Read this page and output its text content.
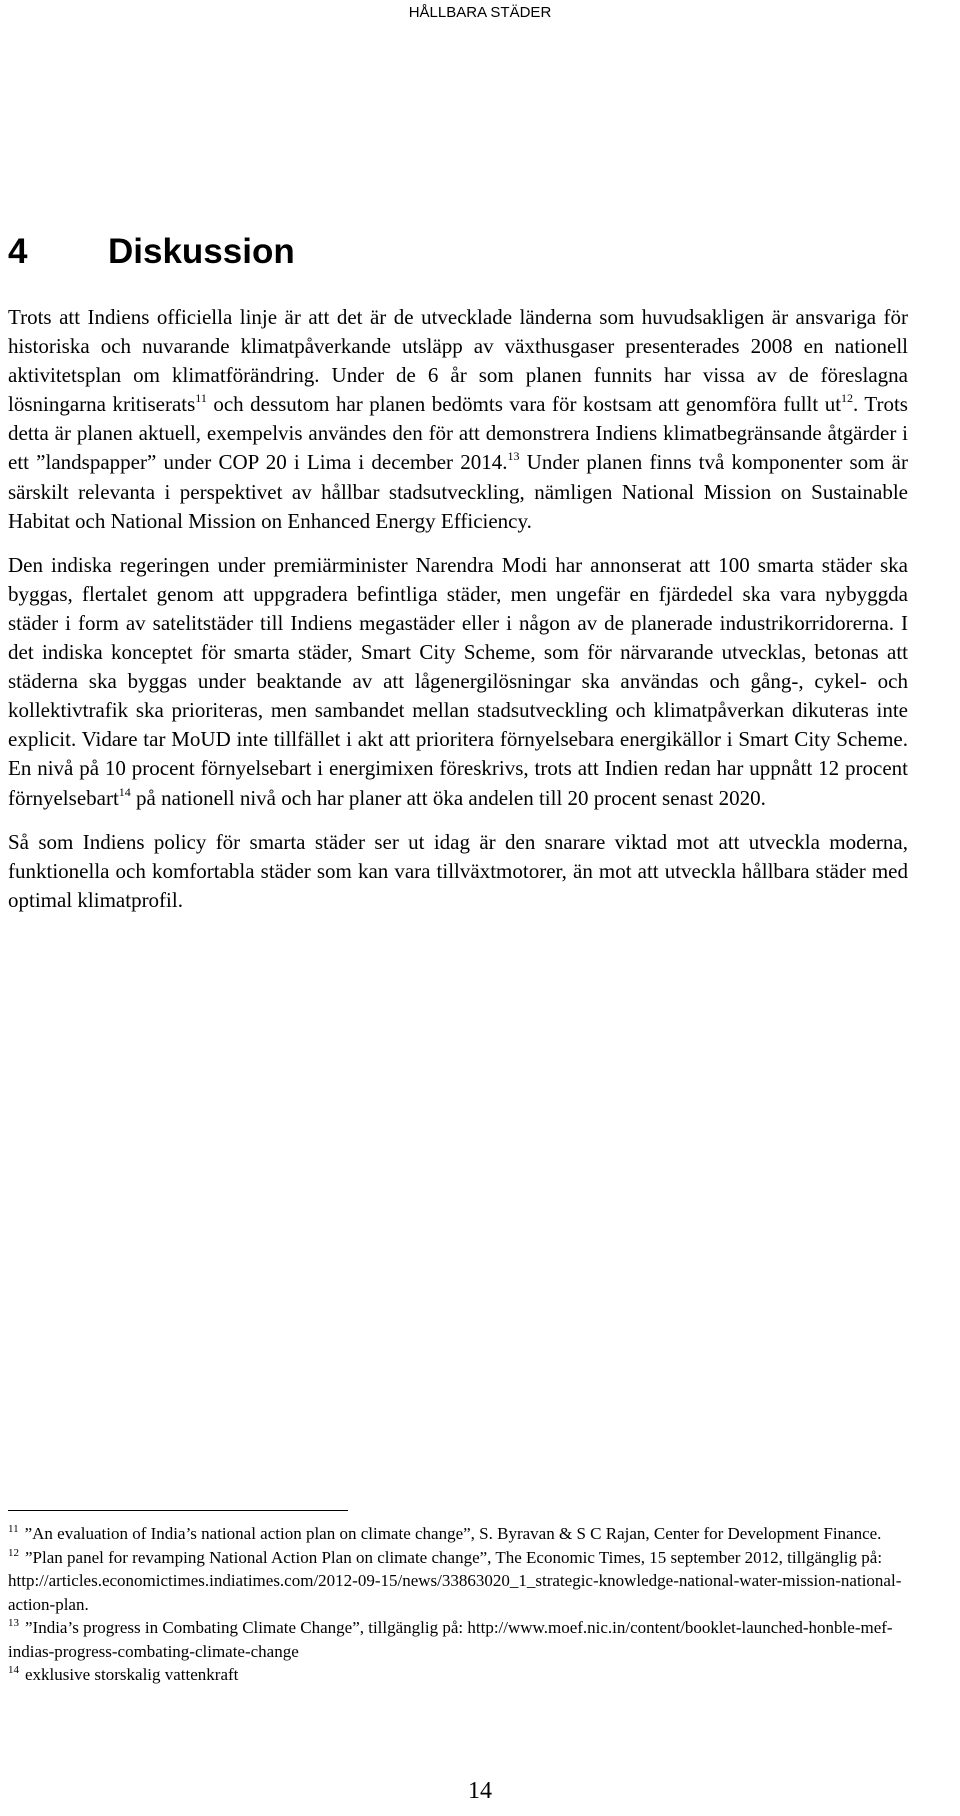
HÅLLBARA STÄDER
4	Diskussion

Trots att Indiens officiella linje är att det är de utvecklade länderna som huvudsakligen är ansvariga för historiska och nuvarande klimatpåverkande utsläpp av växthusgaser presenterades 2008 en nationell aktivitetsplan om klimatförändring. Under de 6 år som planen funnits har vissa av de föreslagna lösningarna kritiserats$^{11}$ och dessutom har planen bedömts vara för kostsam att genomföra fullt $ut^{12}$. Trots detta är planen aktuell, exempelvis användes den för att demonstrera Indiens klimatbegränsande åtgärder i ett ”landspapper” under COP 20 i Lima i december 2014.13 Under planen finns två komponenter som är särskilt relevanta i perspektivet av hållbar stadsutveckling, nämligen National Mission on Sustainable Habitat och National Mission on Enhanced Energy Efficiency.

Den indiska regeringen under premiärminister Narendra Modi har annonserat att 100 smarta städer ska byggas, flertalet genom att uppgradera befintliga städer, men ungefär en fjärdedel ska vara nybyggda städer i form av satelitstäder till Indiens megastäder eller i någon av de planerade industrikorridorerna. I det indiska konceptet för smarta städer, Smart City Scheme, som för närvarande utvecklas, betonas att städerna ska byggas under beaktande av att lågenergilösningar ska användas och gång-, cykel- och kollektivtrafik ska prioriteras, men sambandet mellan stadsutveckling och klimatpåverkan dikuteras inte explicit. Vidare tar MoUD inte tillfället i akt att prioritera förnyelsebara energikällor i Smart City Scheme. En nivå på 10 procent förnyelsebart i energimixen föreskrivs, trots att Indien redan har uppnått 12 procent förnyelsebart$^{14}$ på nationell nivå och har planer att öka andelen till 20 procent senast 2020.

Så som Indiens policy för smarta städer ser ut idag är den snarare viktad mot att utveckla moderna, funktionella och komfortabla städer som kan vara tillväxtmotorer, än mot att utveckla hållbara städer med optimal klimatprofil.

$^{11}$ ”An evaluation of India’s national action plan on climate change”, S. Byravan & S C Rajan, Center for Development Finance.

$^{12}$ ”Plan panel for revamping National Action Plan on climate change”, The Economic Times, 15 september 2012, tillgänglig på: http://articles.economictimes.indiatimes.com/2012-09-15/news/33863020_1_strategic-knowledge-national-water-mission-national-action-plan.

$^{13}$ ”India’s progress in Combating Climate Change”, tillgänglig på: http://www.moef.nic.in/content/booklet-launched-honble-mef-indias-progress-combating-climate-change

$^{14}$ exklusive storskalig vattenkraft

14
